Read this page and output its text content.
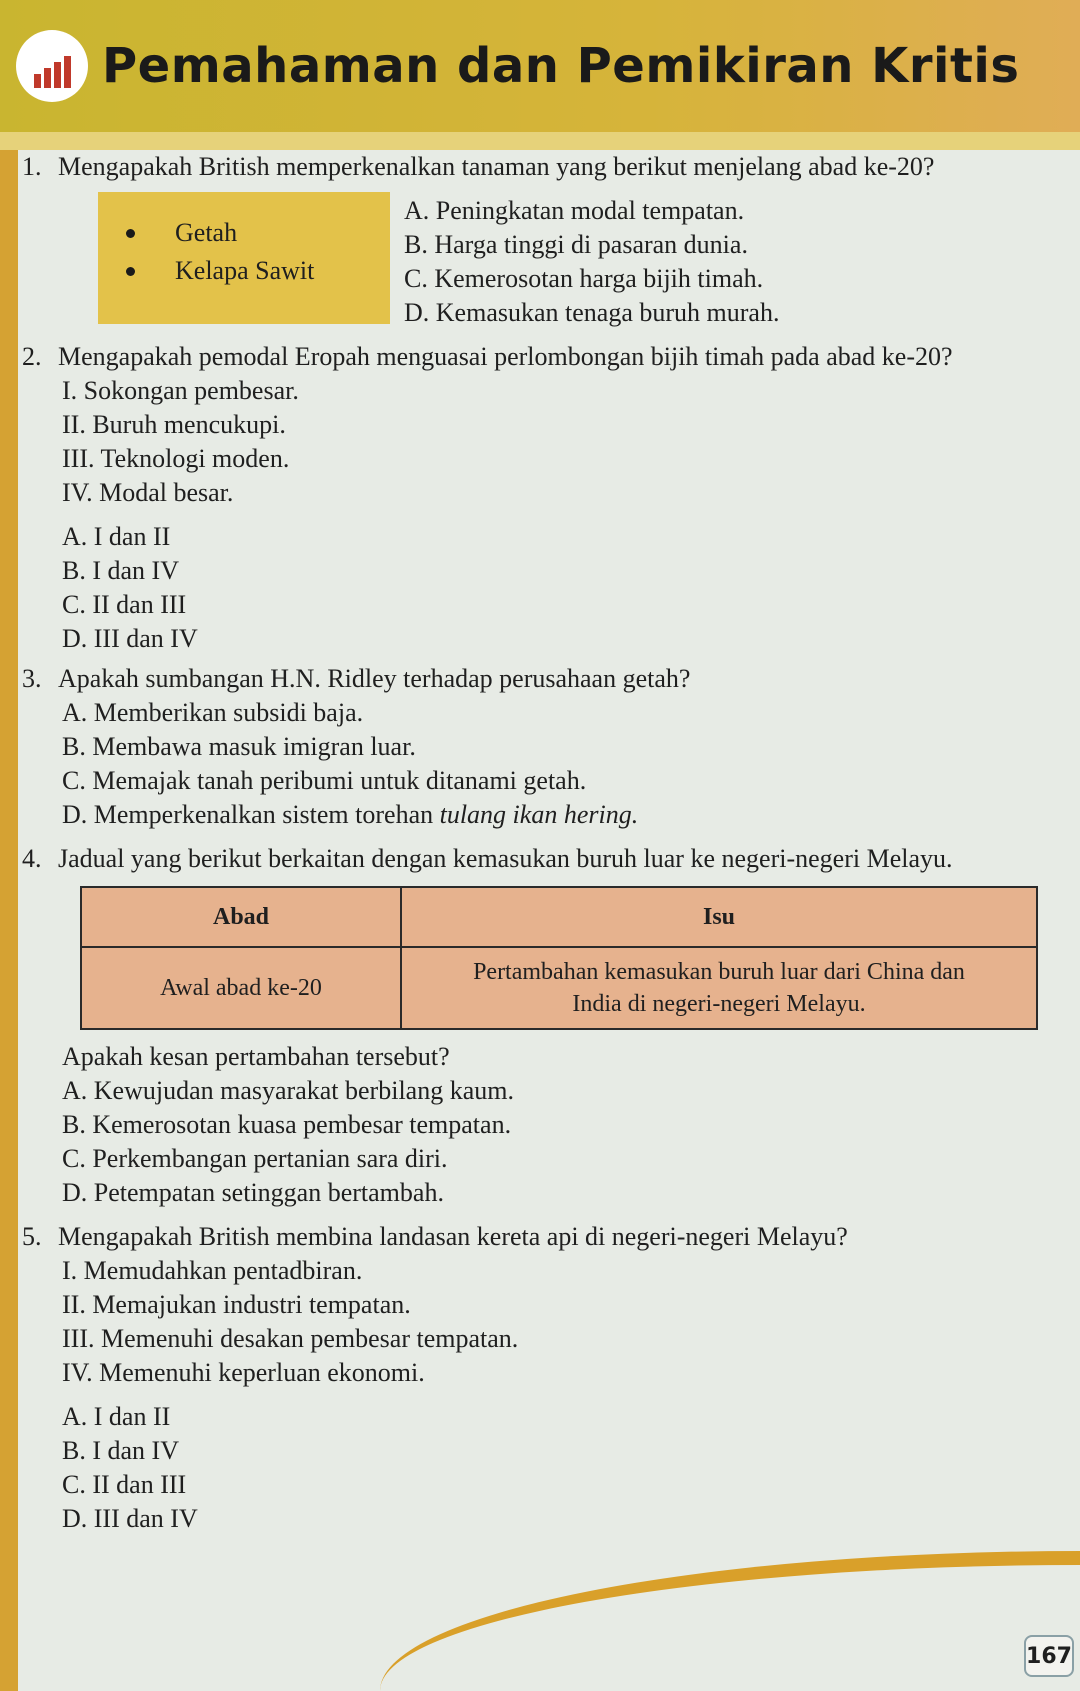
Pemahaman dan Pemikiran Kritis
1. Mengapakah British memperkenalkan tanaman yang berikut menjelang abad ke-20?
Getah
Kelapa Sawit
A. Peningkatan modal tempatan.
B. Harga tinggi di pasaran dunia.
C. Kemerosotan harga bijih timah.
D. Kemasukan tenaga buruh murah.
2. Mengapakah pemodal Eropah menguasai perlombongan bijih timah pada abad ke-20?
I. Sokongan pembesar.
II. Buruh mencukupi.
III. Teknologi moden.
IV. Modal besar.
A. I dan II
B. I dan IV
C. II dan III
D. III dan IV
3. Apakah sumbangan H.N. Ridley terhadap perusahaan getah?
A. Memberikan subsidi baja.
B. Membawa masuk imigran luar.
C. Memajak tanah peribumi untuk ditanami getah.
D. Memperkenalkan sistem torehan tulang ikan hering.
4. Jadual yang berikut berkaitan dengan kemasukan buruh luar ke negeri-negeri Melayu.
Abad	Isu
Awal abad ke-20	Pertambahan kemasukan buruh luar dari China dan
India di negeri-negeri Melayu.
Apakah kesan pertambahan tersebut?
A. Kewujudan masyarakat berbilang kaum.
B. Kemerosotan kuasa pembesar tempatan.
C. Perkembangan pertanian sara diri.
D. Petempatan setinggan bertambah.
5. Mengapakah British membina landasan kereta api di negeri-negeri Melayu?
I. Memudahkan pentadbiran.
II. Memajukan industri tempatan.
III. Memenuhi desakan pembesar tempatan.
IV. Memenuhi keperluan ekonomi.
A. I dan II
B. I dan IV
C. II dan III
D. III dan IV
167
